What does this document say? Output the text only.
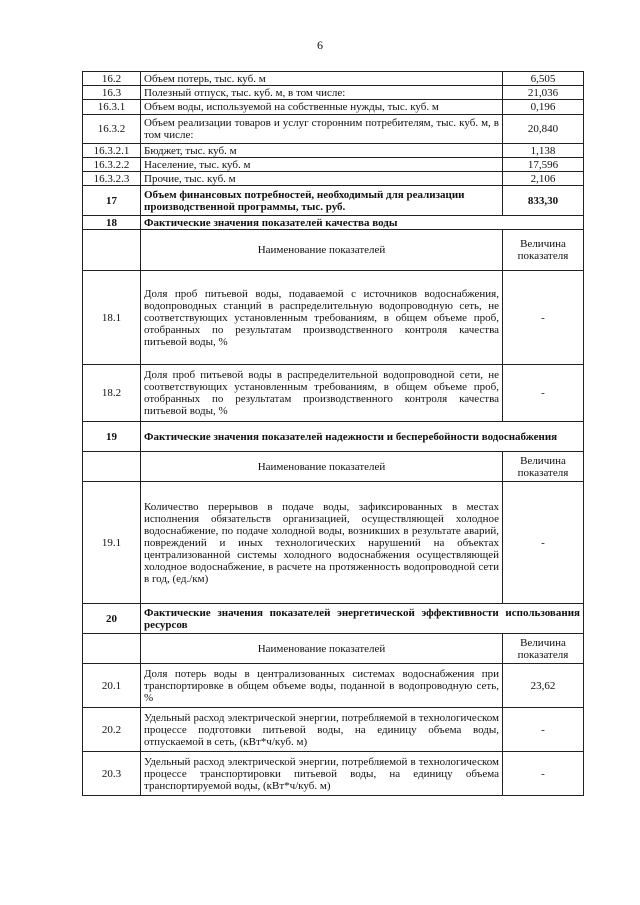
6
16.2	Объем потерь, тыс. куб. м	6,505
16.3	Полезный отпуск, тыс. куб. м, в том числе:	21,036
16.3.1	Объем воды, используемой на собственные нужды, тыс. куб. м	0,196
16.3.2	Объем реализации товаров и услуг сторонним потребителям, тыс. куб. м, в том числе:	20,840
16.3.2.1	Бюджет, тыс. куб. м	1,138
16.3.2.2	Население, тыс. куб. м	17,596
16.3.2.3	Прочие, тыс. куб. м	2,106
17	Объем финансовых потребностей, необходимый для реализации производственной программы, тыс. руб.	833,30
18	Фактические значения показателей качества воды	
	Наименование показателей	Величина показателя
18.1	Доля проб питьевой воды, подаваемой с источников водоснабжения, водопроводных станций в распределительную водопроводную сеть, не соответствующих установленным требованиям, в общем объеме проб, отобранных по результатам производственного контроля качества питьевой воды, %	-
18.2	Доля проб питьевой воды в распределительной водопроводной сети, не соответствующих установленным требованиям, в общем объеме проб, отобранных по результатам производственного контроля качества питьевой воды, %	-
19	Фактические значения показателей надежности и бесперебойности водоснабжения	
	Наименование показателей	Величина показателя
19.1	Количество перерывов в подаче воды, зафиксированных в местах исполнения обязательств организацией, осуществляющей холодное водоснабжение, по подаче холодной воды, возникших в результате аварий, повреждений и иных технологических нарушений на объектах централизованной системы холодного водоснабжения осуществляющей холодное водоснабжение, в расчете на протяженность водопроводной сети в год, (ед./км)	-
20	Фактические значения показателей энергетической эффективности использования ресурсов	
	Наименование показателей	Величина показателя
20.1	Доля потерь воды в централизованных системах водоснабжения при транспортировке в общем объеме воды, поданной в водопроводную сеть, %	23,62
20.2	Удельный расход электрической энергии, потребляемой в технологическом процессе подготовки питьевой воды, на единицу объема воды, отпускаемой в сеть, (кВт*ч/куб. м)	-
20.3	Удельный расход электрической энергии, потребляемой в технологическом процессе транспортировки питьевой воды, на единицу объема транспортируемой воды, (кВт*ч/куб. м)	-
